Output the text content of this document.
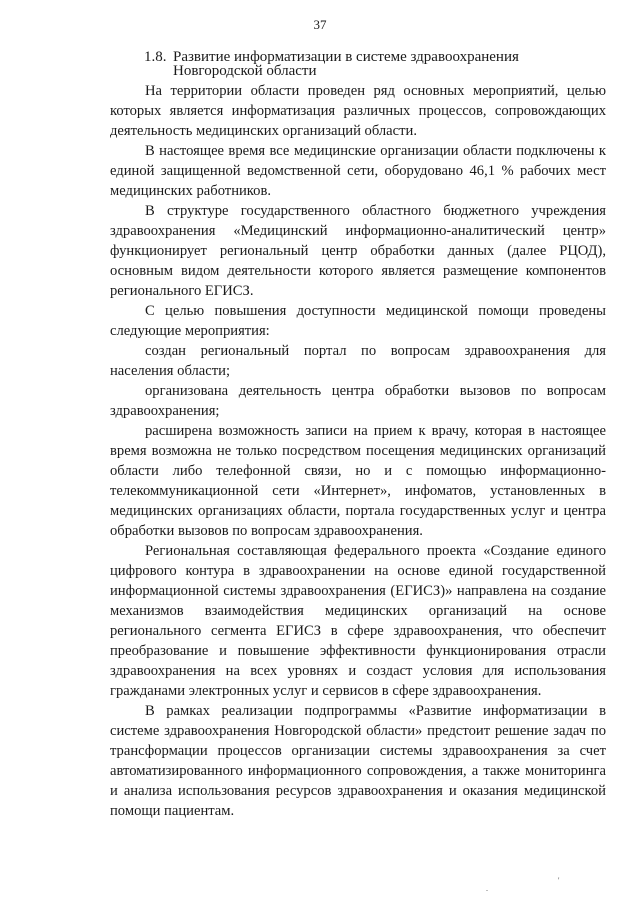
37
1.8. Развитие информатизации в системе здравоохранения
Новгородской области

На территории области проведен ряд основных мероприятий, целью которых является информатизация различных процессов, сопровождающих деятельность медицинских организаций области.

В настоящее время все медицинские организации области подключены к единой защищенной ведомственной сети, оборудовано 46,1 % рабочих мест медицинских работников.

В структуре государственного областного бюджетного учреждения здравоохранения «Медицинский информационно-аналитический центр» функционирует региональный центр обработки данных (далее РЦОД), основным видом деятельности которого является размещение компонентов регионального ЕГИСЗ.

С целью повышения доступности медицинской помощи проведены следующие мероприятия:

создан региональный портал по вопросам здравоохранения для населения области;

организована деятельность центра обработки вызовов по вопросам здравоохранения;

расширена возможность записи на прием к врачу, которая в настоящее время возможна не только посредством посещения медицинских организаций области либо телефонной связи, но и с помощью информационно-телекоммуникационной сети «Интернет», инфоматов, установленных в медицинских организациях области, портала государственных услуг и центра обработки вызовов по вопросам здравоохранения.

Региональная составляющая федерального проекта «Создание единого цифрового контура в здравоохранении на основе единой государственной информационной системы здравоохранения (ЕГИСЗ)» направлена на создание механизмов взаимодействия медицинских организаций на основе регионального сегмента ЕГИСЗ в сфере здравоохранения, что обеспечит преобразование и повышение эффективности функционирования отрасли здравоохранения на всех уровнях и создаст условия для использования гражданами электронных услуг и сервисов в сфере здравоохранения.

В рамках реализации подпрограммы «Развитие информатизации в системе здравоохранения Новгородской области» предстоит решение задач по трансформации процессов организации системы здравоохранения за счет автоматизированного информационного сопровождения, а также мониторинга и анализа использования ресурсов здравоохранения и оказания медицинской помощи пациентам.

.
'
